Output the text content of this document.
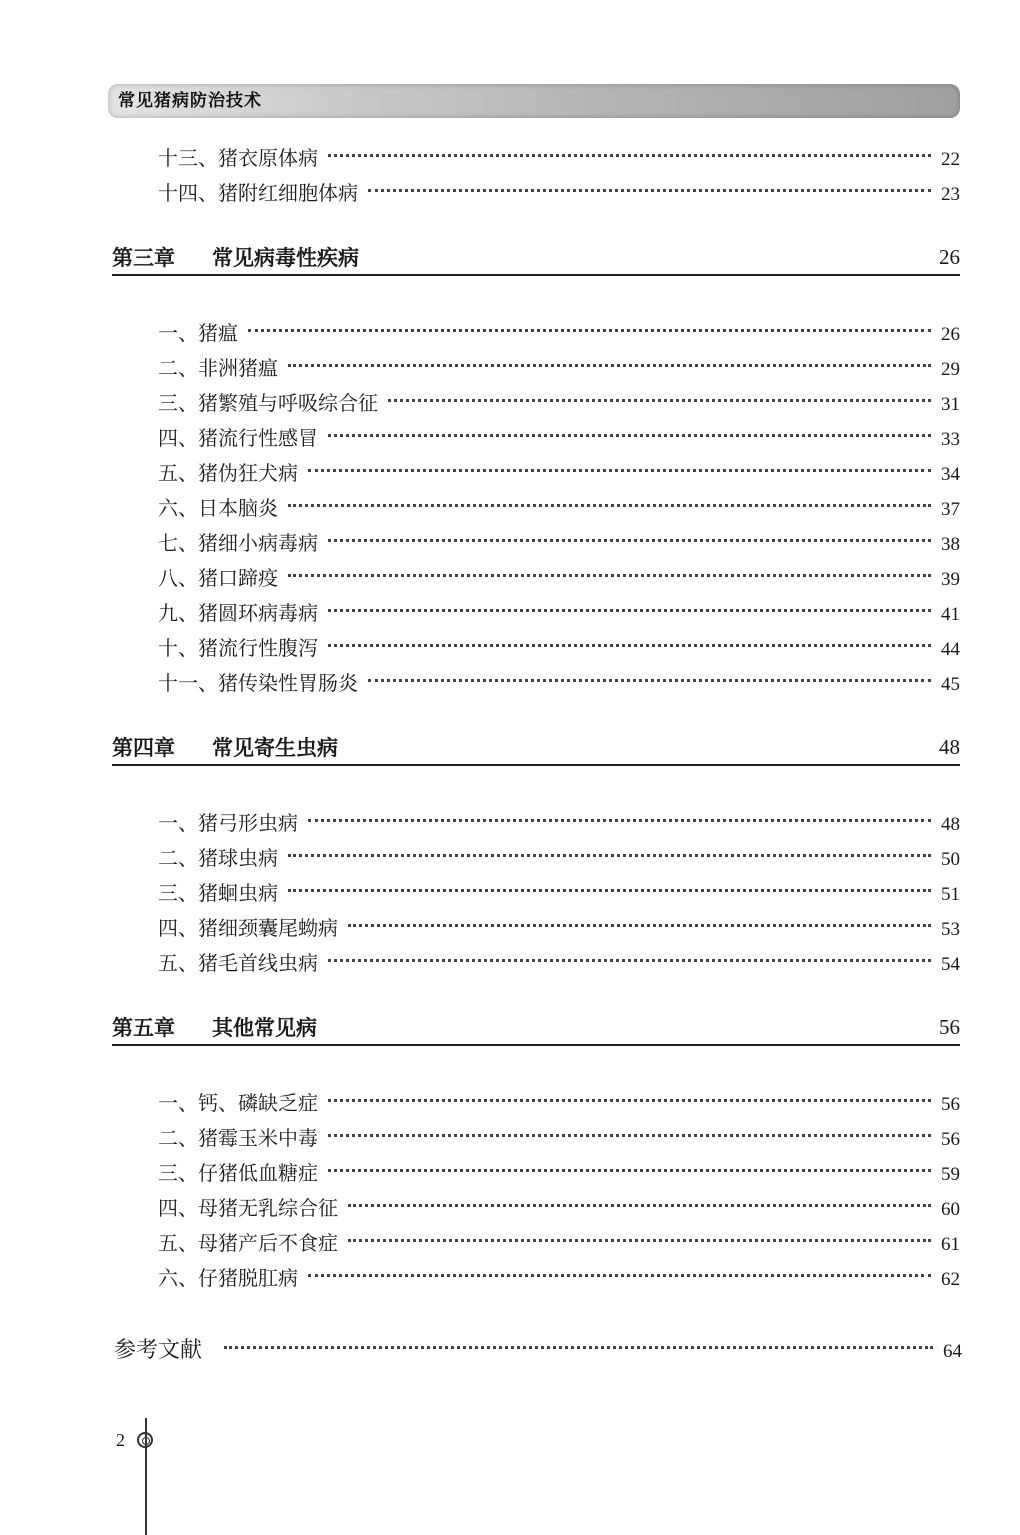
常见猪病防治技术
十三、猪衣原体病	22
十四、猪附红细胞体病	23
第三章	常见病毒性疾病	26
一、猪瘟	26
二、非洲猪瘟	29
三、猪繁殖与呼吸综合征	31
四、猪流行性感冒	33
五、猪伪狂犬病	34
六、日本脑炎	37
七、猪细小病毒病	38
八、猪口蹄疫	39
九、猪圆环病毒病	41
十、猪流行性腹泻	44
十一、猪传染性胃肠炎	45
第四章	常见寄生虫病	48
一、猪弓形虫病	48
二、猪球虫病	50
三、猪蛔虫病	51
四、猪细颈囊尾蚴病	53
五、猪毛首线虫病	54
第五章	其他常见病	56
一、钙、磷缺乏症	56
二、猪霉玉米中毒	56
三、仔猪低血糖症	59
四、母猪无乳综合征	60
五、母猪产后不食症	61
六、仔猪脱肛病	62
参考文献	64
2
